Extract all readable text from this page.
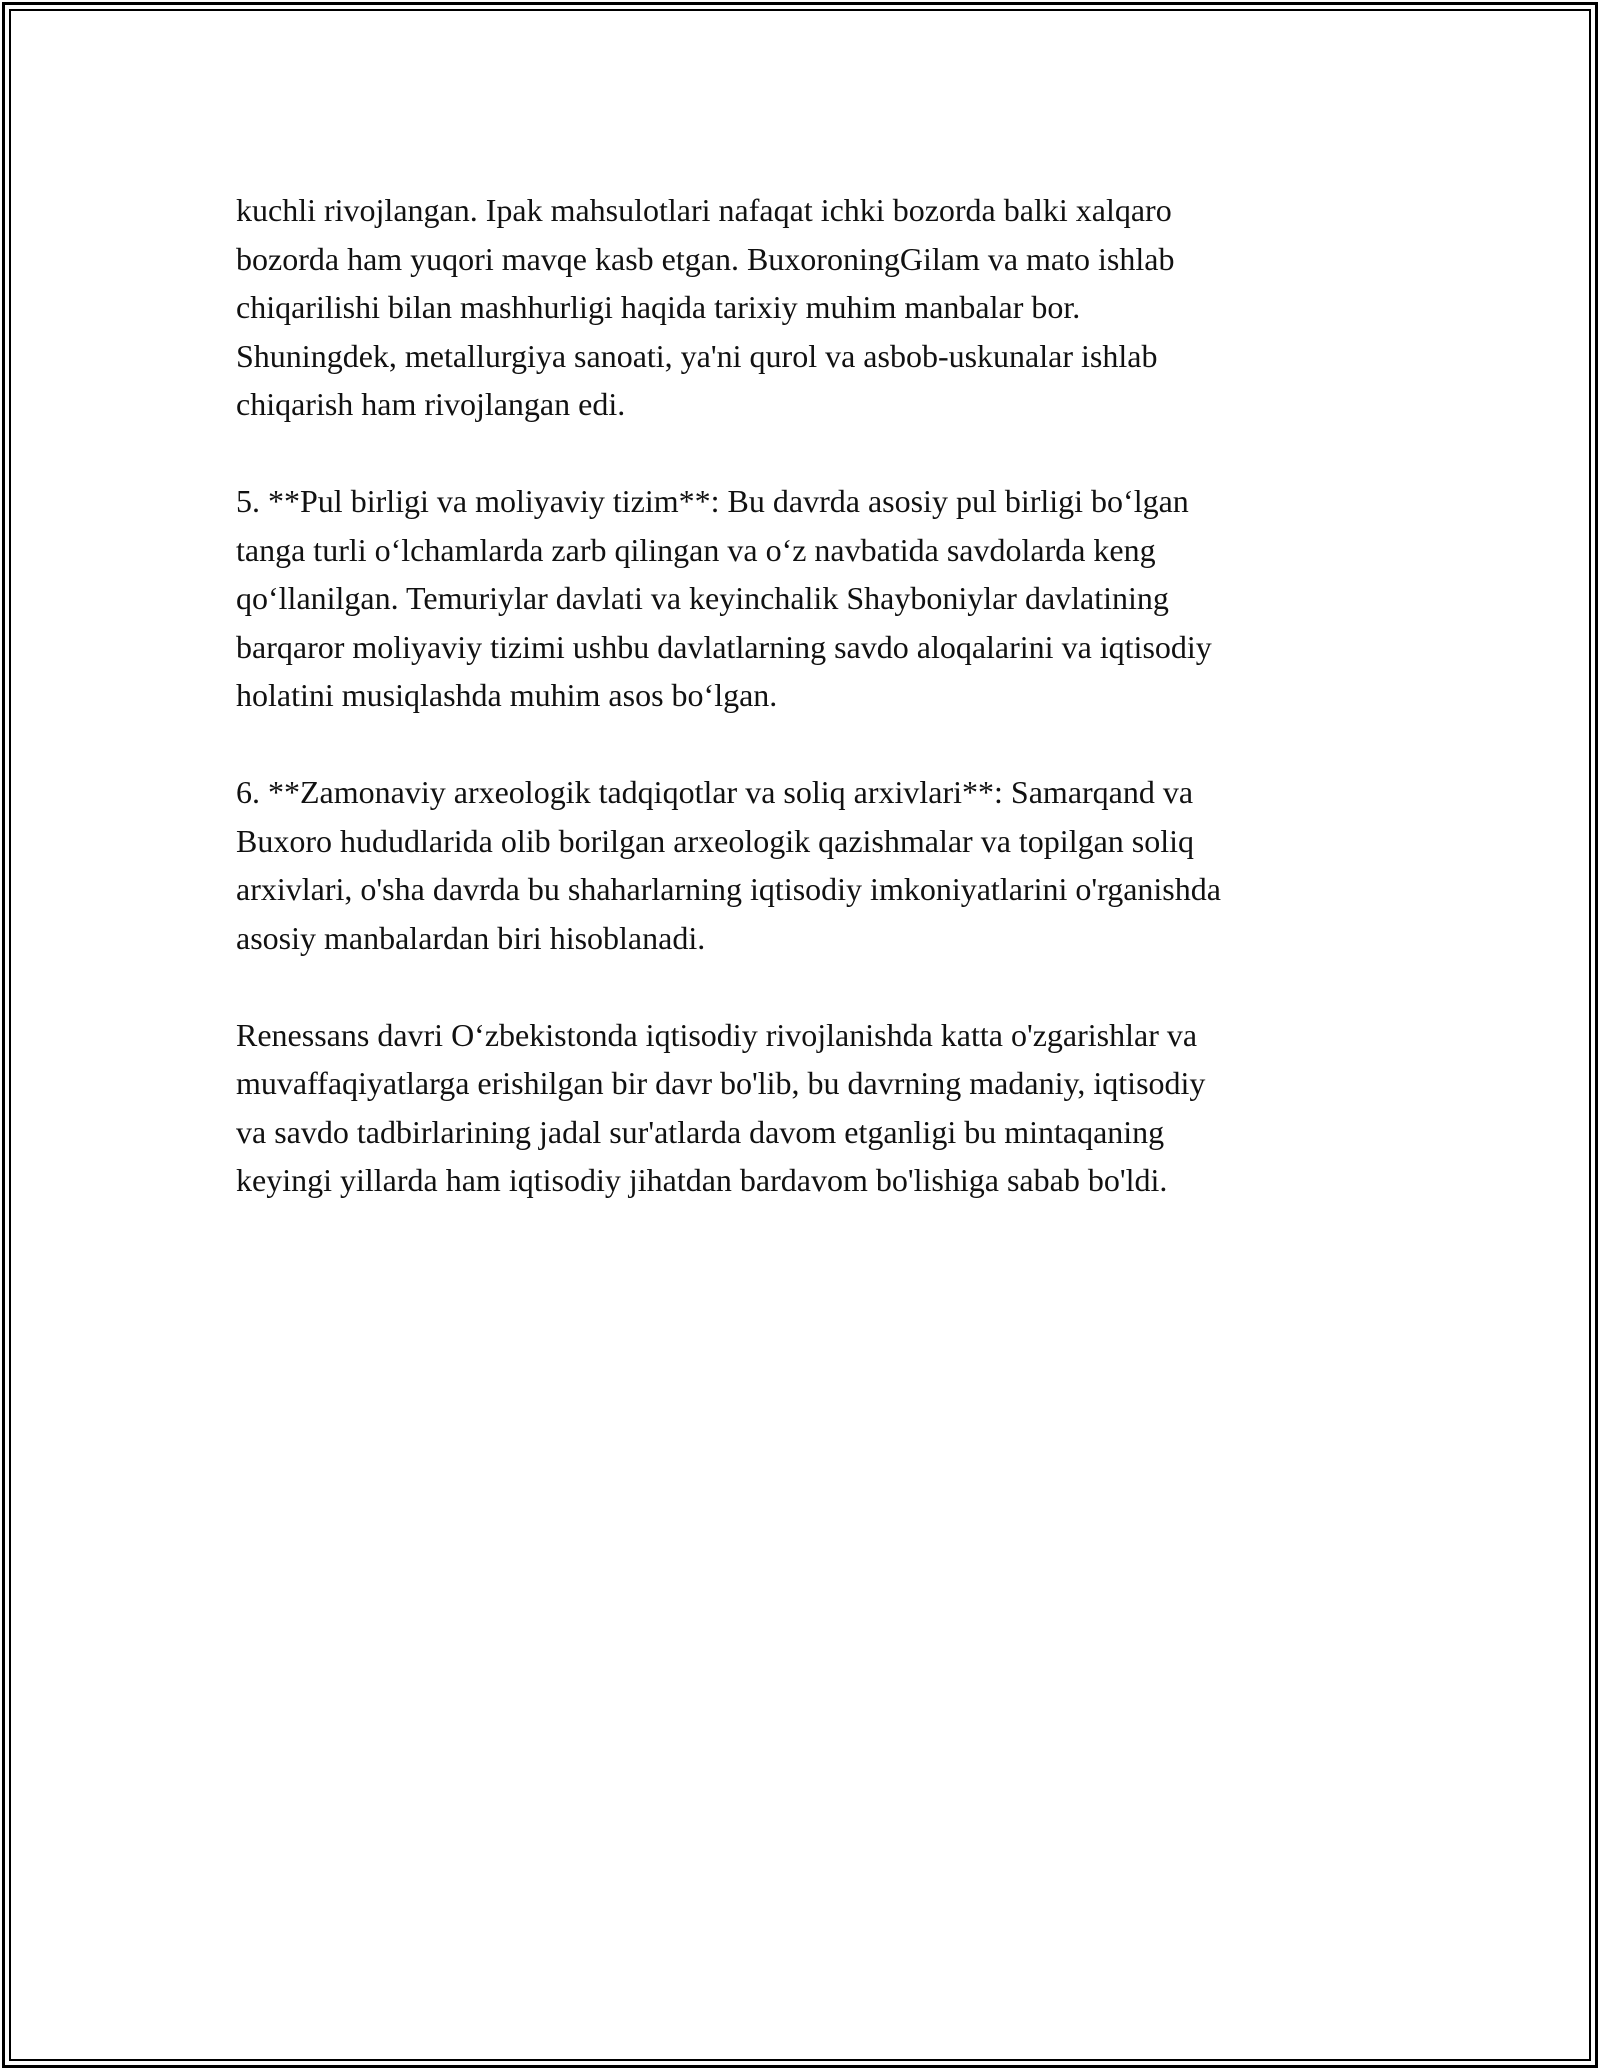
kuchli rivojlangan. Ipak mahsulotlari nafaqat ichki bozorda balki xalqaro
bozorda ham yuqori mavqe kasb etgan. BuxoroningGilam va mato ishlab
chiqarilishi bilan mashhurligi haqida tarixiy muhim manbalar bor.
Shuningdek, metallurgiya sanoati, ya'ni qurol va asbob-uskunalar ishlab
chiqarish ham rivojlangan edi.

5. **Pul birligi va moliyaviy tizim**: Bu davrda asosiy pul birligi bo‘lgan
tanga turli o‘lchamlarda zarb qilingan va o‘z navbatida savdolarda keng
qo‘llanilgan. Temuriylar davlati va keyinchalik Shayboniylar davlatining
barqaror moliyaviy tizimi ushbu davlatlarning savdo aloqalarini va iqtisodiy
holatini musiqlashda muhim asos bo‘lgan.

6. **Zamonaviy arxeologik tadqiqotlar va soliq arxivlari**: Samarqand va
Buxoro hududlarida olib borilgan arxeologik qazishmalar va topilgan soliq
arxivlari, o'sha davrda bu shaharlarning iqtisodiy imkoniyatlarini o'rganishda
asosiy manbalardan biri hisoblanadi.

Renessans davri O‘zbekistonda iqtisodiy rivojlanishda katta o'zgarishlar va
muvaffaqiyatlarga erishilgan bir davr bo'lib, bu davrning madaniy, iqtisodiy
va savdo tadbirlarining jadal sur'atlarda davom etganligi bu mintaqaning
keyingi yillarda ham iqtisodiy jihatdan bardavom bo'lishiga sabab bo'ldi.
